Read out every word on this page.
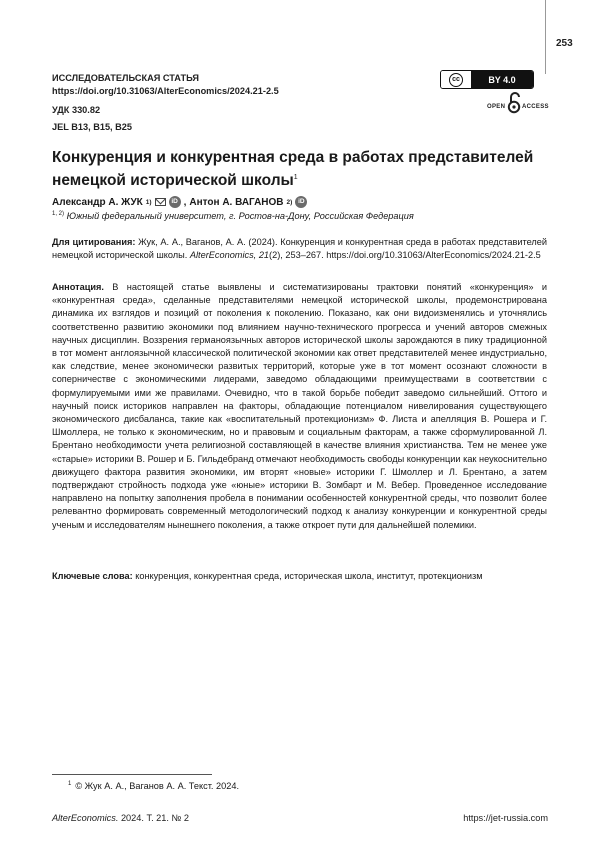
253
ИССЛЕДОВАТЕЛЬСКАЯ СТАТЬЯ
https://doi.org/10.31063/AlterEconomics/2024.21-2.5
УДК 330.82
JEL B13, B15, B25
cc	BY 4.0
OPEN	ACCESS
Конкуренция и конкурентная среда в работах представителей немецкой исторической школы$^1$
Александр А. ЖУК 1)	iD , Антон А. ВАГАНОВ 2) iD
$^{1, 2)}$ Южный федеральный университет, г. Ростов-на-Дону, Российская Федерация
Для цитирования: Жук, А. А., Ваганов, А. А. (2024). Конкуренция и конкурентная среда в работах представителей немецкой исторической школы. AlterEconomics, 21(2), 253–267. https://doi.org/10.31063/AlterEconomics/2024.21-2.5
Аннотация. В настоящей статье выявлены и систематизированы трактовки понятий «конкуренция» и «конкурентная среда», сделанные представителями немецкой исторической школы, продемонстрирована динамика их взглядов и позиций от поколения к поколению. Показано, как они видоизменялись и уточнялись соответственно развитию экономики под влиянием научно-технического прогресса и учений авторов смежных научных дисциплин. Воззрения германоязычных авторов исторической школы зарождаются в пику традиционной в тот момент англоязычной классической политической экономии как ответ представителей менее индустриально, как следствие, менее экономически развитых территорий, которые уже в тот момент осознают сложности в соперничестве с экономическими лидерами, заведомо обладающими преимуществами в соответствии с формулируемыми ими же правилами. Очевидно, что в такой борьбе победит заведомо сильнейший. Оттого и научный поиск историков направлен на факторы, обладающие потенциалом нивелирования существующего экономического дисбаланса, такие как «воспитательный протекционизм» Ф. Листа и апелляция В. Рошера и Г. Шмоллера, не только к экономическим, но и правовым и социальным факторам, а также сформулированной Л. Брентано необходимости учета религиозной составляющей в качестве влияния христианства. Тем не менее уже «старые» историки В. Рошер и Б. Гильдебранд отмечают необходимость свободы конкуренции как неукоснительно движущего фактора развития экономики, им вторят «новые» историки Г. Шмоллер и Л. Брентано, а затем подтверждают стройность подхода уже «юные» историки В. Зомбарт и М. Вебер. Проведенное исследование направлено на попытку заполнения пробела в понимании особенностей конкурентной среды, что позволит более релевантно формировать современный методологический подход к анализу конкуренции и конкурентной среды ученым и исследователям нынешнего поколения, а также откроет пути для дальнейшей полемики.
Ключевые слова: конкуренция, конкурентная среда, историческая школа, институт, протекционизм
$^1$ © Жук А. А., Ваганов А. А. Текст. 2024.
AlterEconomics. 2024. Т. 21. № 2	https://jet-russia.com
